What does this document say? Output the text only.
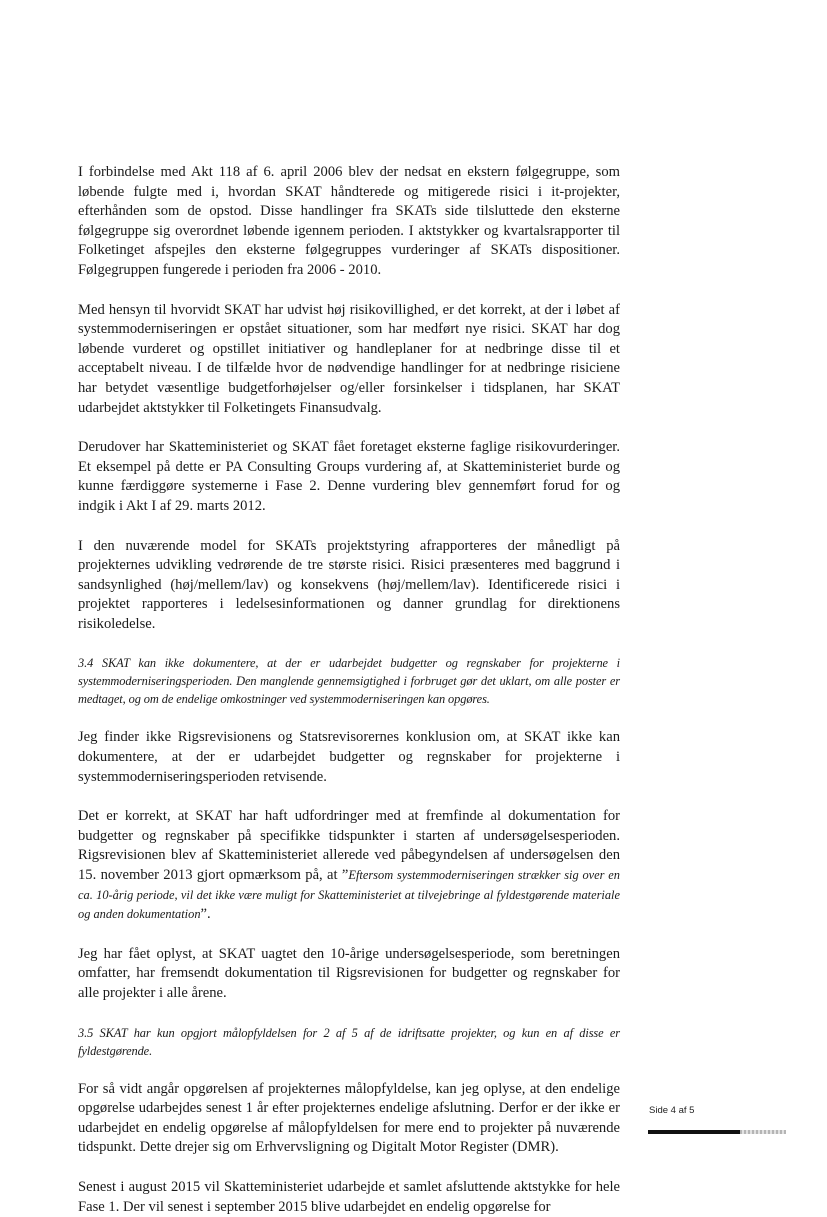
I forbindelse med Akt 118 af 6. april 2006 blev der nedsat en ekstern følgegruppe, som løbende fulgte med i, hvordan SKAT håndterede og mitigerede risici i it-projekter, efterhånden som de opstod. Disse handlinger fra SKATs side tilsluttede den eksterne følgegruppe sig overordnet løbende igennem perioden. I aktstykker og kvartalsrapporter til Folketinget afspejles den eksterne følgegruppes vurderinger af SKATs dispositioner. Følgegruppen fungerede i perioden fra 2006 - 2010.

Med hensyn til hvorvidt SKAT har udvist høj risikovillighed, er det korrekt, at der i løbet af systemmoderniseringen er opstået situationer, som har medført nye risici. SKAT har dog løbende vurderet og opstillet initiativer og handleplaner for at nedbringe disse til et acceptabelt niveau. I de tilfælde hvor de nødvendige handlinger for at nedbringe risiciene har betydet væsentlige budgetforhøjelser og/eller forsinkelser i tidsplanen, har SKAT udarbejdet aktstykker til Folketingets Finansudvalg.

Derudover har Skatteministeriet og SKAT fået foretaget eksterne faglige risikovurderinger. Et eksempel på dette er PA Consulting Groups vurdering af, at Skatteministeriet burde og kunne færdiggøre systemerne i Fase 2. Denne vurdering blev gennemført forud for og indgik i Akt I af 29. marts 2012.

I den nuværende model for SKATs projektstyring afrapporteres der månedligt på projekternes udvikling vedrørende de tre største risici. Risici præsenteres med baggrund i sandsynlighed (høj/mellem/lav) og konsekvens (høj/mellem/lav). Identificerede risici i projektet rapporteres i ledelsesinformationen og danner grundlag for direktionens risikoledelse.

3.4 SKAT kan ikke dokumentere, at der er udarbejdet budgetter og regnskaber for projekterne i systemmoderniseringsperioden. Den manglende gennemsigtighed i forbruget gør det uklart, om alle poster er medtaget, og om de endelige omkostninger ved systemmoderniseringen kan opgøres.

Jeg finder ikke Rigsrevisionens og Statsrevisorernes konklusion om, at SKAT ikke kan dokumentere, at der er udarbejdet budgetter og regnskaber for projekterne i systemmoderniseringsperioden retvisende.

Det er korrekt, at SKAT har haft udfordringer med at fremfinde al dokumentation for budgetter og regnskaber på specifikke tidspunkter i starten af undersøgelsesperioden. Rigsrevisionen blev af Skatteministeriet allerede ved påbegyndelsen af undersøgelsen den 15. november 2013 gjort opmærksom på, at ”Eftersom systemmoderniseringen strækker sig over en ca. 10-årig periode, vil det ikke være muligt for Skatteministeriet at tilvejebringe al fyldestgørende materiale og anden dokumentation”.

Jeg har fået oplyst, at SKAT uagtet den 10-årige undersøgelsesperiode, som beretningen omfatter, har fremsendt dokumentation til Rigsrevisionen for budgetter og regnskaber for alle projekter i alle årene.

3.5 SKAT har kun opgjort målopfyldelsen for 2 af 5 af de idriftsatte projekter, og kun en af disse er fyldestgørende.

For så vidt angår opgørelsen af projekternes målopfyldelse, kan jeg oplyse, at den endelige opgørelse udarbejdes senest 1 år efter projekternes endelige afslutning. Derfor er der ikke er udarbejdet en endelig opgørelse af målopfyldelsen for mere end to projekter på nuværende tidspunkt. Dette drejer sig om Erhvervsligning og Digitalt Motor Register (DMR).

Senest i august 2015 vil Skatteministeriet udarbejde et samlet afsluttende aktstykke for hele Fase 1. Der vil senest i september 2015 blive udarbejdet en endelig opgørelse for

Side 4 af 5
